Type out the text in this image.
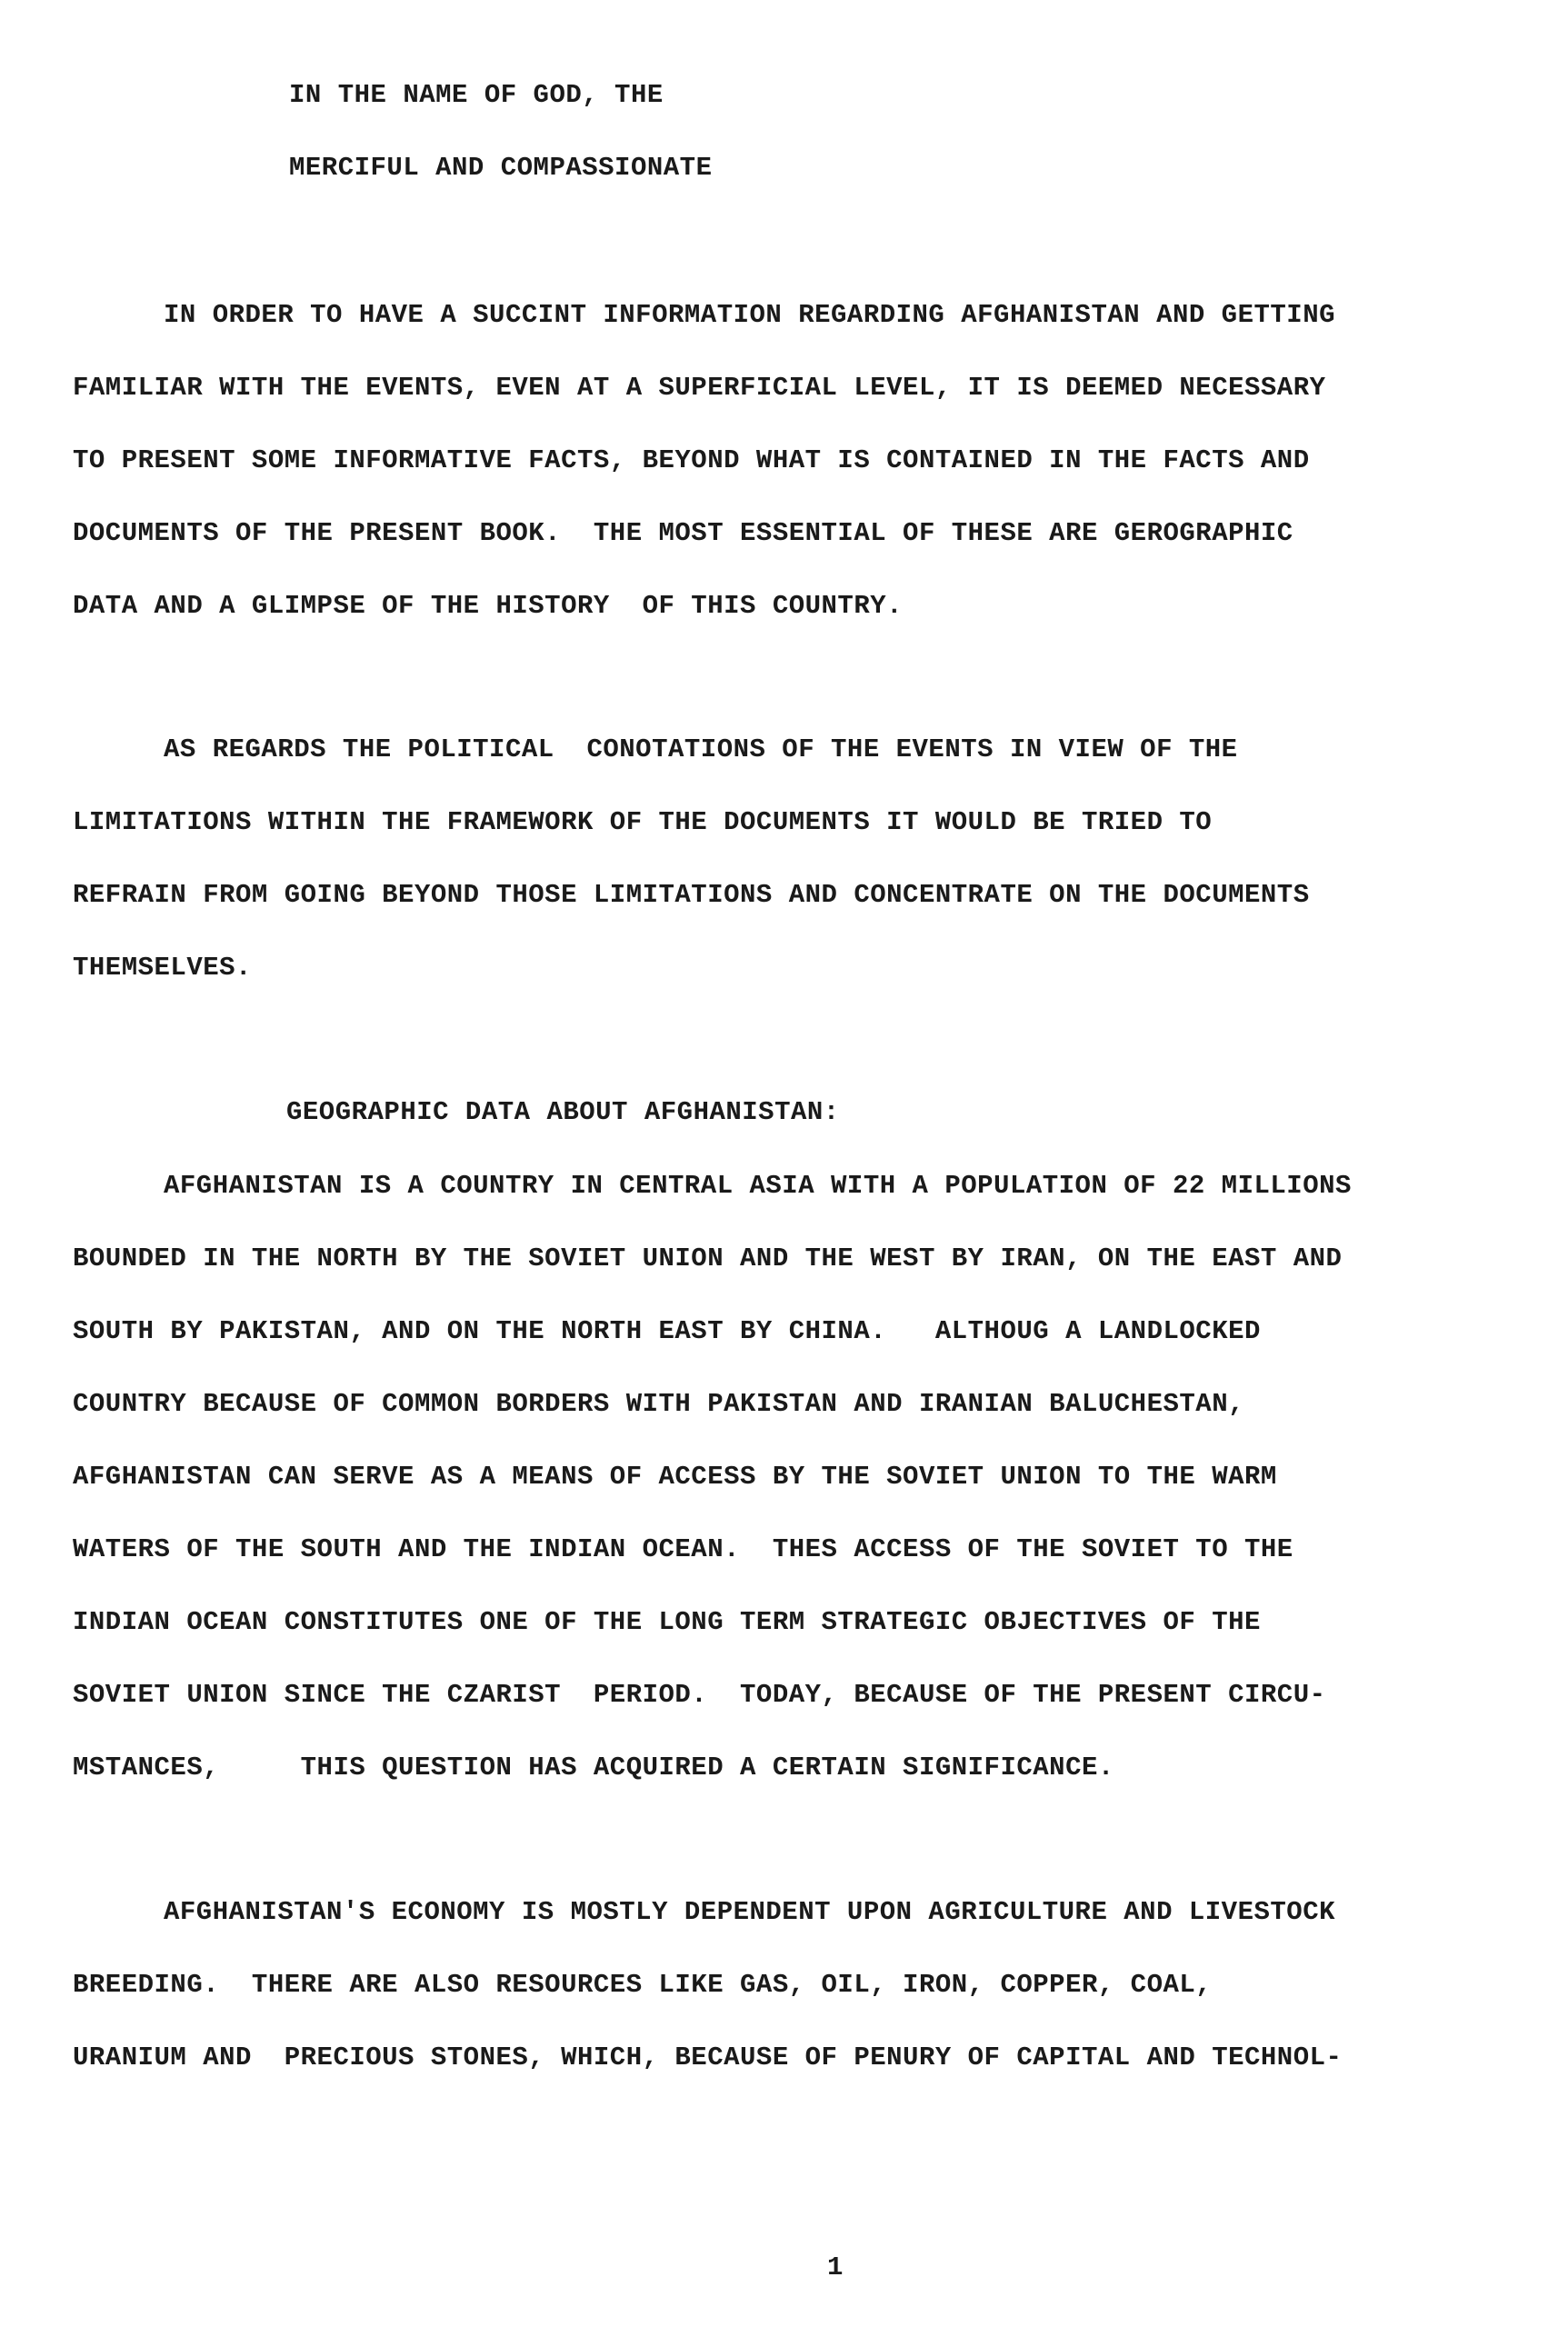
IN THE NAME OF GOD, THE
MERCIFUL AND COMPASSIONATE
IN ORDER TO HAVE A SUCCINT INFORMATION REGARDING AFGHANISTAN AND GETTING
FAMILIAR WITH THE EVENTS, EVEN AT A SUPERFICIAL LEVEL, IT IS DEEMED NECESSARY
TO PRESENT SOME INFORMATIVE FACTS, BEYOND WHAT IS CONTAINED IN THE FACTS AND
DOCUMENTS OF THE PRESENT BOOK.  THE MOST ESSENTIAL OF THESE ARE GEROGRAPHIC
DATA AND A GLIMPSE OF THE HISTORY  OF THIS COUNTRY.
AS REGARDS THE POLITICAL  CONOTATIONS OF THE EVENTS IN VIEW OF THE
LIMITATIONS WITHIN THE FRAMEWORK OF THE DOCUMENTS IT WOULD BE TRIED TO
REFRAIN FROM GOING BEYOND THOSE LIMITATIONS AND CONCENTRATE ON THE DOCUMENTS
THEMSELVES.
GEOGRAPHIC DATA ABOUT AFGHANISTAN:
AFGHANISTAN IS A COUNTRY IN CENTRAL ASIA WITH A POPULATION OF 22 MILLIONS
BOUNDED IN THE NORTH BY THE SOVIET UNION AND THE WEST BY IRAN, ON THE EAST AND
SOUTH BY PAKISTAN, AND ON THE NORTH EAST BY CHINA.   ALTHOUG A LANDLOCKED
COUNTRY BECAUSE OF COMMON BORDERS WITH PAKISTAN AND IRANIAN BALUCHESTAN,
AFGHANISTAN CAN SERVE AS A MEANS OF ACCESS BY THE SOVIET UNION TO THE WARM
WATERS OF THE SOUTH AND THE INDIAN OCEAN.  THES ACCESS OF THE SOVIET TO THE
INDIAN OCEAN CONSTITUTES ONE OF THE LONG TERM STRATEGIC OBJECTIVES OF THE
SOVIET UNION SINCE THE CZARIST  PERIOD.  TODAY, BECAUSE OF THE PRESENT CIRCU-
MSTANCES,     THIS QUESTION HAS ACQUIRED A CERTAIN SIGNIFICANCE.
AFGHANISTAN'S ECONOMY IS MOSTLY DEPENDENT UPON AGRICULTURE AND LIVESTOCK
BREEDING.  THERE ARE ALSO RESOURCES LIKE GAS, OIL, IRON, COPPER, COAL,
URANIUM AND  PRECIOUS STONES, WHICH, BECAUSE OF PENURY OF CAPITAL AND TECHNOL-
1
